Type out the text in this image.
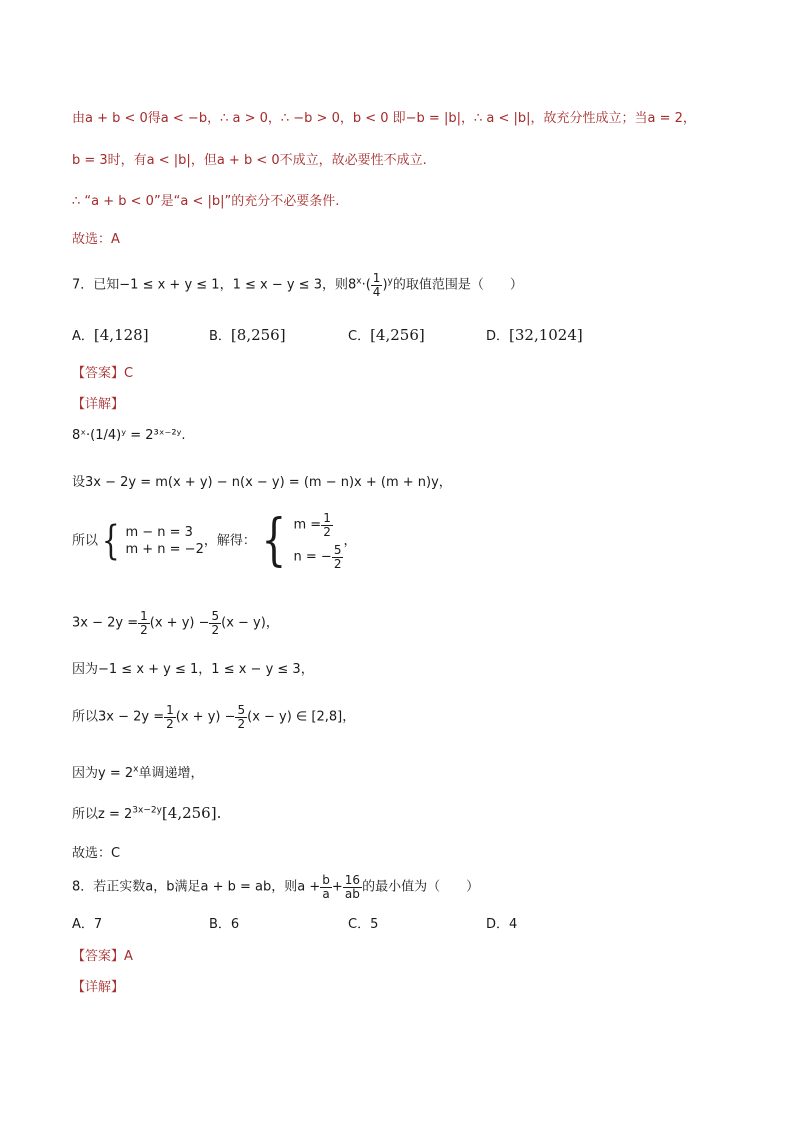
由a + b < 0得a < −b，∴ a > 0，∴ −b > 0，b < 0 即−b = |b|，∴ a < |b|，故充分性成立；当a = 2，
b = 3时，有a < |b|，但a + b < 0不成立，故必要性不成立.
∴ “a + b < 0”是“a < |b|”的充分不必要条件.
故选：A
7．已知−1 ≤ x + y ≤ 1，1 ≤ x − y ≤ 3，则$8^x\cdot( \frac{1}{4} )^y$的取值范围是（　　）
A．[4,128]	B．[8,256]	C．[4,256]	D．[32,1024]
【答案】C
【详解】
8ˣ·(1/4)ʸ = 2³ˣ⁻²ʸ.
设3x − 2y = m(x + y) − n(x − y) = (m − n)x + (m + n)y，
所以 { m − n = 3
m + n = −2
，解得： { $m = \frac{1}{2}$
n = − $\frac{5}{2}$
，
$3x - 2y = \frac{1}{2} (x + y) - \frac{5}{2} (x - y)$，
因为−1 ≤ x + y ≤ 1，1 ≤ x − y ≤ 3，
所以$3x - 2y = \frac{1}{2} (x + y) - \frac{5}{2} (x - y)$ ∈ [2,8]，
因为$y = 2^x$单调递增，
所以$z = 2^{3x-2y}[4,256]$.
故选：C
8．若正实数a，b满足a + b = ab，则$a + \frac{b}{a} + \frac{16}{ab}$ 的最小值为（　　）
A．7	B．6	C．5	D．4
【答案】A
【详解】
